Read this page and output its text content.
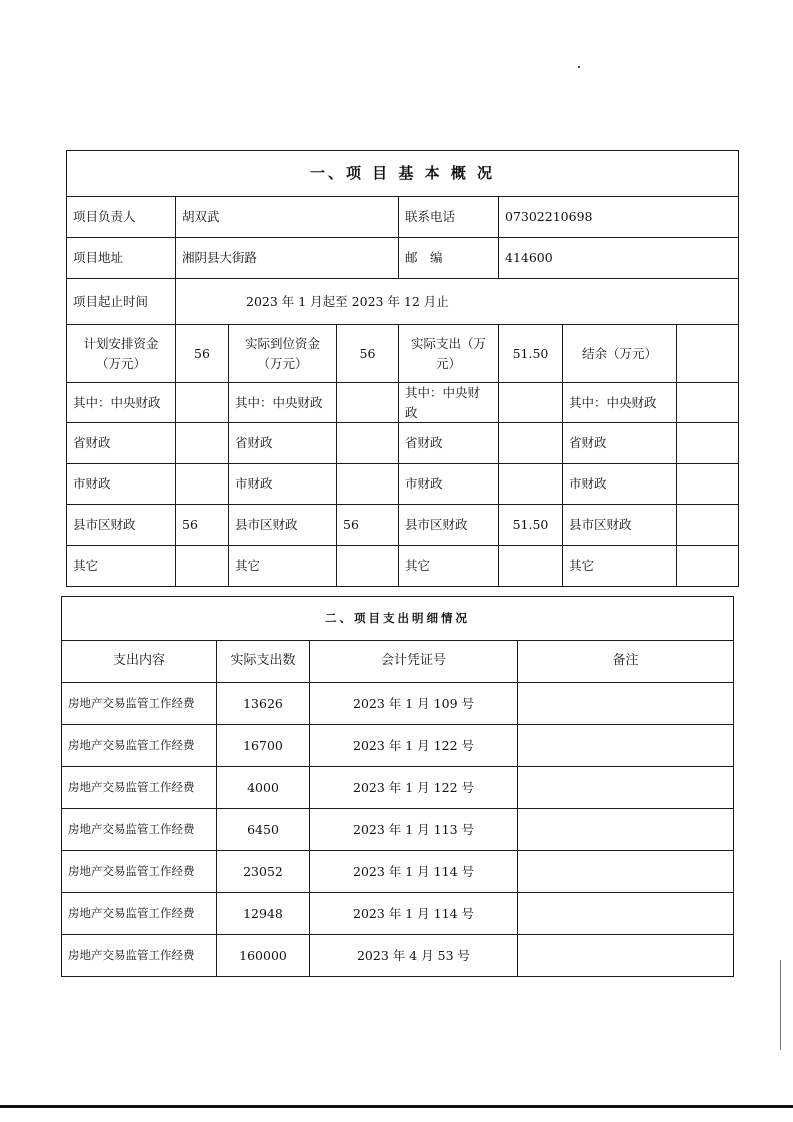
一、项 目 基 本 概 况							
项目负责人	胡双武			联系电话	07302210698		
项目地址	湘阴县大街路			邮　编	414600		
项目起止时间	2023 年 1 月起至 2023 年 12 月止						
计划安排资金（万元）	56	实际到位资金（万元）	56	实际支出（万元）	51.50	结余（万元）	
其中：中央财政		其中：中央财政		其中：中央财政		其中：中央财政	
省财政		省财政		省财政		省财政	
市财政		市财政		市财政		市财政	
县市区财政	56	县市区财政	56	县市区财政	51.50	县市区财政	
其它		其它		其它		其它	
二、项目支出明细情况			
支出内容	实际支出数	会计凭证号	备注
房地产交易监管工作经费	13626	2023 年 1 月 109 号	
房地产交易监管工作经费	16700	2023 年 1 月 122 号	
房地产交易监管工作经费	4000	2023 年 1 月 122 号	
房地产交易监管工作经费	6450	2023 年 1 月 113 号	
房地产交易监管工作经费	23052	2023 年 1 月 114 号	
房地产交易监管工作经费	12948	2023 年 1 月 114 号	
房地产交易监管工作经费	160000	2023 年 4 月 53 号	
